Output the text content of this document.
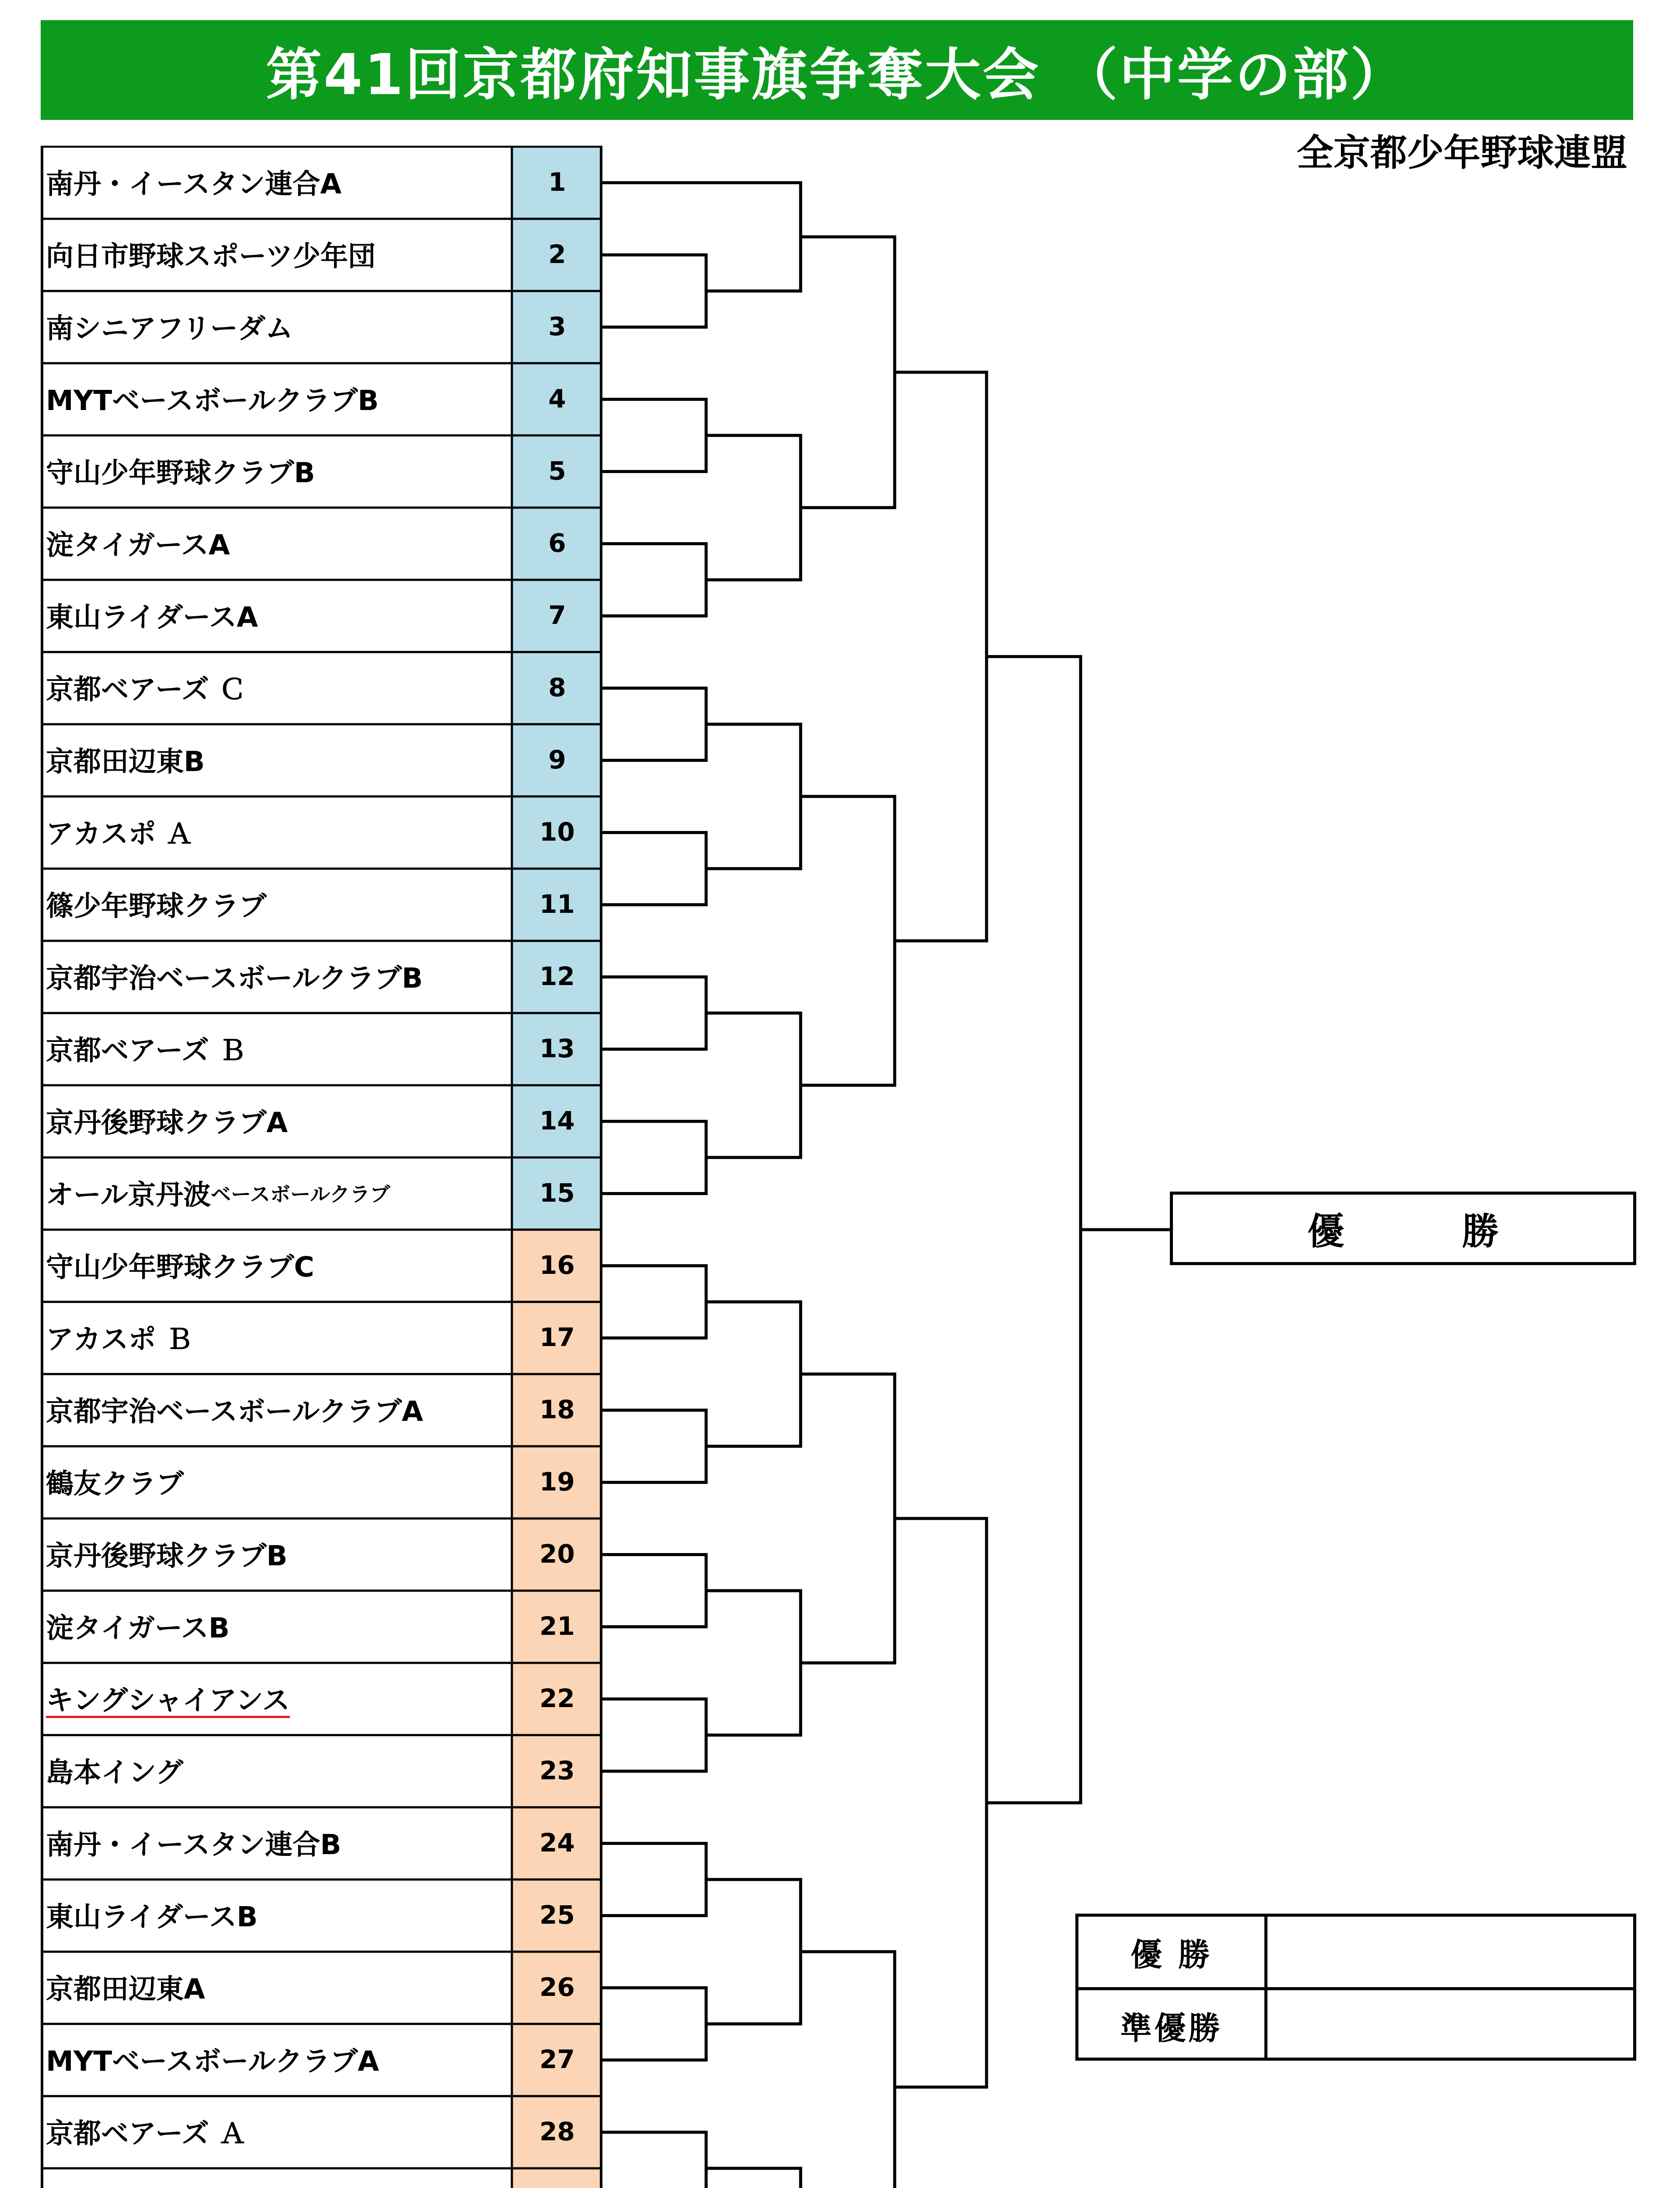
第41回京都府知事旗争奪大会 （中学の部）
全京都少年野球連盟
南丹・イースタン連合A	1
向日市野球スポーツ少年団	2
南シニアフリーダム	3
MYTベースボールクラブB	4
守山少年野球クラブB	5
淀タイガースA	6
東山ライダースA	7
京都ベアーズ Ｃ	8
京都田辺東B	9
アカスポ Ａ	10
篠少年野球クラブ	11
京都宇治ベースボールクラブB	12
京都ベアーズ Ｂ	13
京丹後野球クラブA	14
オール京丹波 ベースボールクラブ	15
守山少年野球クラブC	16
アカスポ Ｂ	17
京都宇治ベースボールクラブA	18
鶴友クラブ	19
京丹後野球クラブB	20
淀タイガースB	21
キングシャイアンス	22
島本イング	23
南丹・イースタン連合B	24
東山ライダースB	25
京都田辺東A	26
MYTベースボールクラブA	27
京都ベアーズ Ａ	28
優 勝
優 勝
準優勝
